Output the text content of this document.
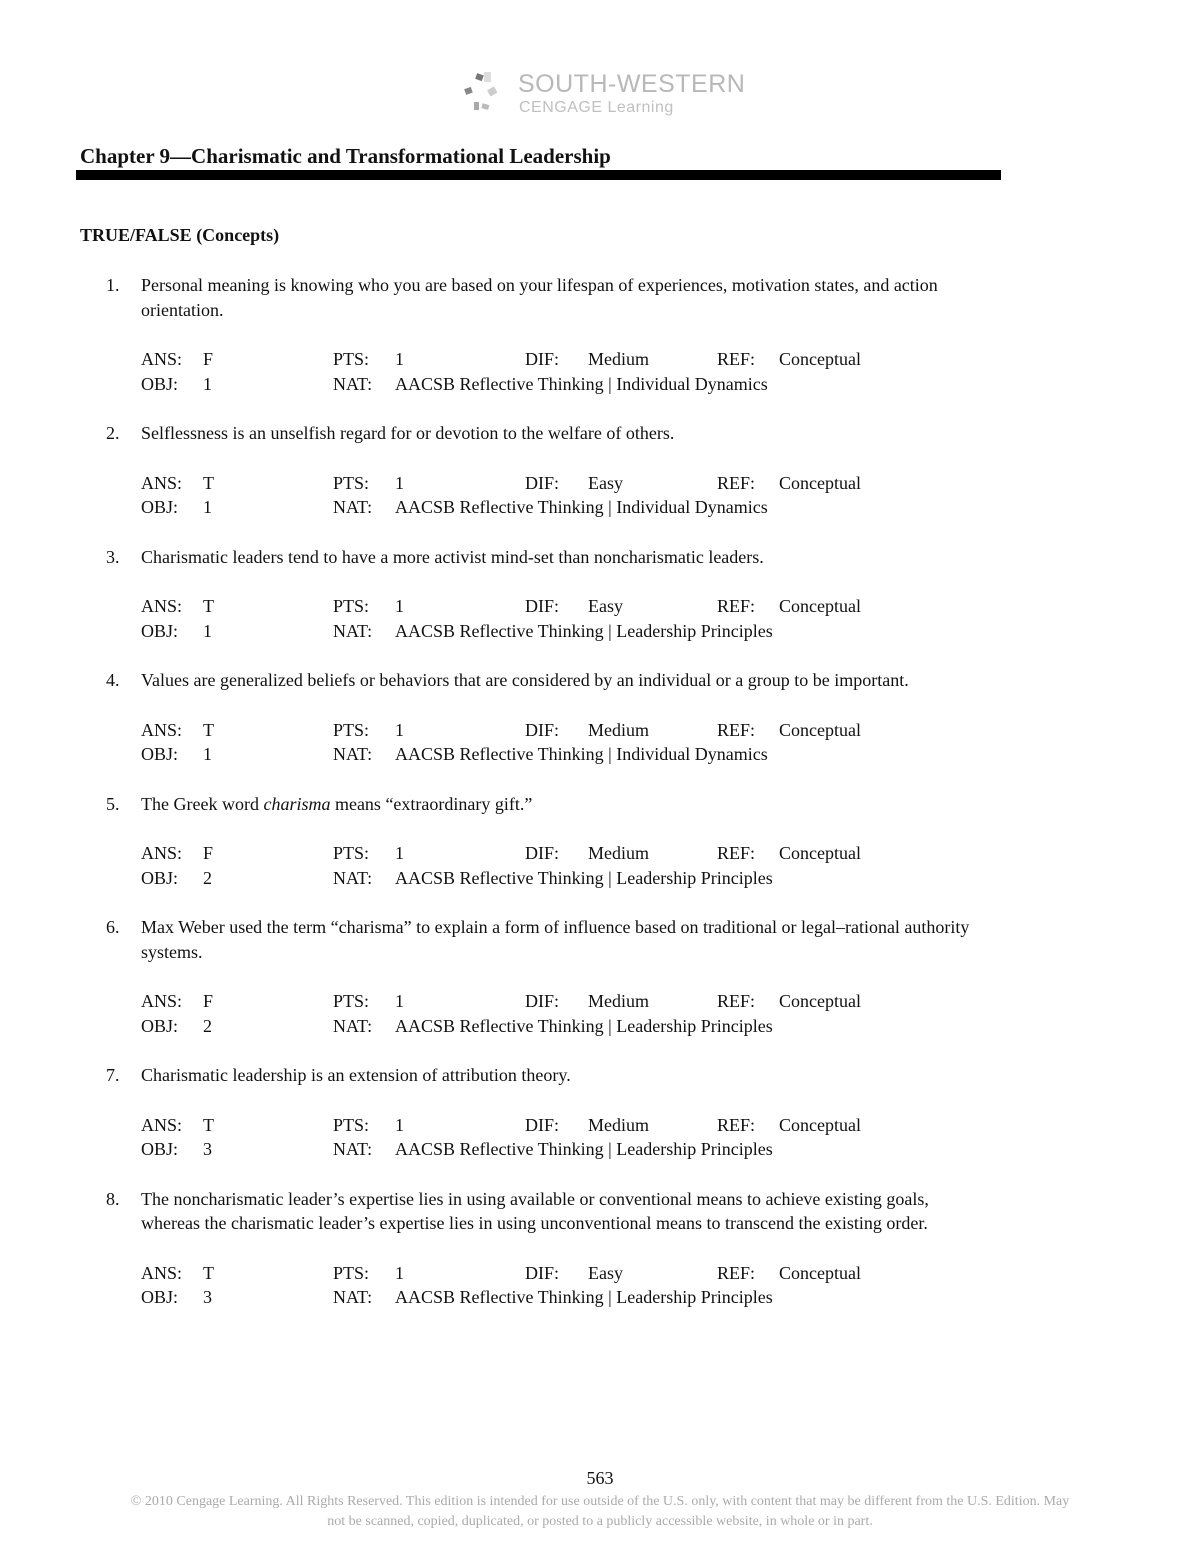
SOUTH-WESTERN
CENGAGE Learning
Chapter 9—Charismatic and Transformational Leadership
TRUE/FALSE (Concepts)
1. Personal meaning is knowing who you are based on your lifespan of experiences, motivation states, and action orientation.
ANS: F	PTS: 1	DIF: Medium	REF: Conceptual
OBJ: 1	NAT: AACSB Reflective Thinking | Individual Dynamics
2. Selflessness is an unselfish regard for or devotion to the welfare of others.
ANS: T	PTS: 1	DIF: Easy	REF: Conceptual
OBJ: 1	NAT: AACSB Reflective Thinking | Individual Dynamics
3. Charismatic leaders tend to have a more activist mind-set than noncharismatic leaders.
ANS: T	PTS: 1	DIF: Easy	REF: Conceptual
OBJ: 1	NAT: AACSB Reflective Thinking | Leadership Principles
4. Values are generalized beliefs or behaviors that are considered by an individual or a group to be important.
ANS: T	PTS: 1	DIF: Medium	REF: Conceptual
OBJ: 1	NAT: AACSB Reflective Thinking | Individual Dynamics
5. The Greek word charisma means “extraordinary gift.”
ANS: F	PTS: 1	DIF: Medium	REF: Conceptual
OBJ: 2	NAT: AACSB Reflective Thinking | Leadership Principles
6. Max Weber used the term “charisma” to explain a form of influence based on traditional or legal–rational authority systems.
ANS: F	PTS: 1	DIF: Medium	REF: Conceptual
OBJ: 2	NAT: AACSB Reflective Thinking | Leadership Principles
7. Charismatic leadership is an extension of attribution theory.
ANS: T	PTS: 1	DIF: Medium	REF: Conceptual
OBJ: 3	NAT: AACSB Reflective Thinking | Leadership Principles
8. The noncharismatic leader’s expertise lies in using available or conventional means to achieve existing goals, whereas the charismatic leader’s expertise lies in using unconventional means to transcend the existing order.
ANS: T	PTS: 1	DIF: Easy	REF: Conceptual
OBJ: 3	NAT: AACSB Reflective Thinking | Leadership Principles
563
© 2010 Cengage Learning. All Rights Reserved. This edition is intended for use outside of the U.S. only, with content that may be different from the U.S. Edition. May not be scanned, copied, duplicated, or posted to a publicly accessible website, in whole or in part.
